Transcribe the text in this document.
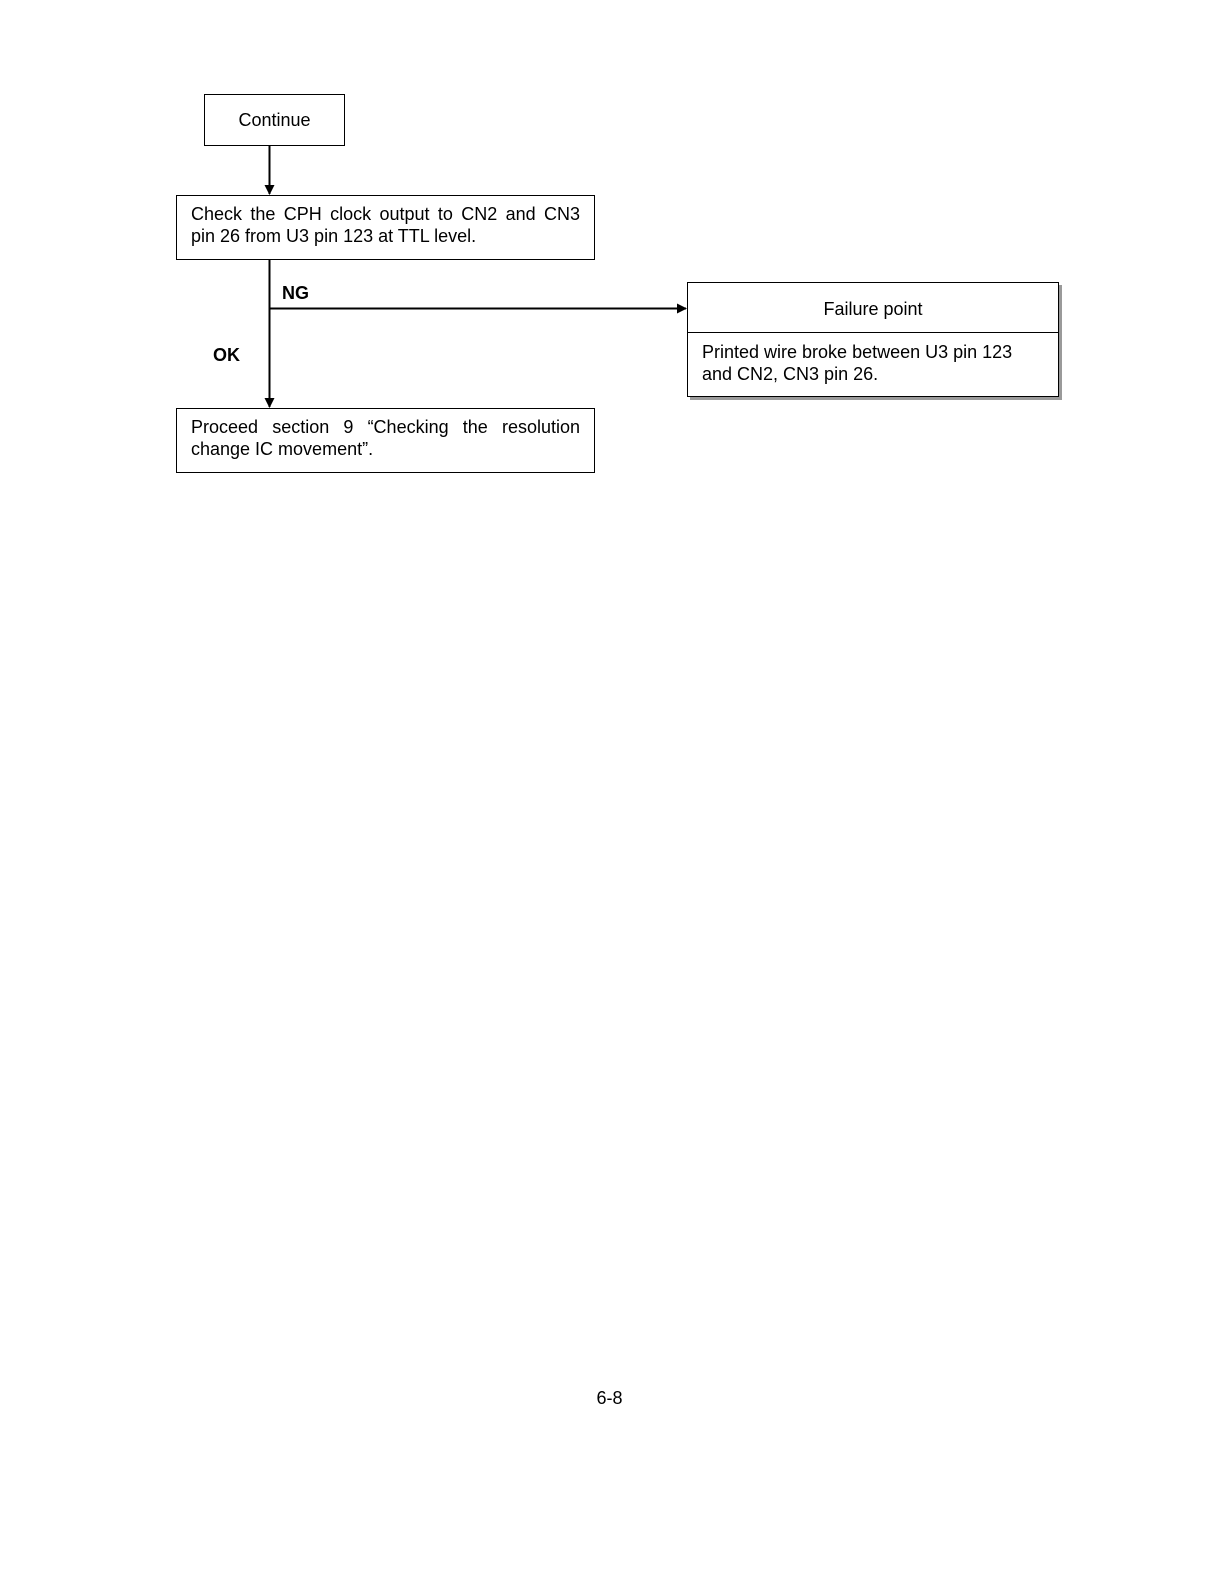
Continue
Check the CPH clock output to CN2 and CN3 pin 26 from U3 pin 123 at TTL level.
NG
OK
Failure point
Printed wire broke between U3 pin 123 and CN2, CN3 pin 26.
Proceed section 9 “Checking the resolution change IC movement”.
6-8
